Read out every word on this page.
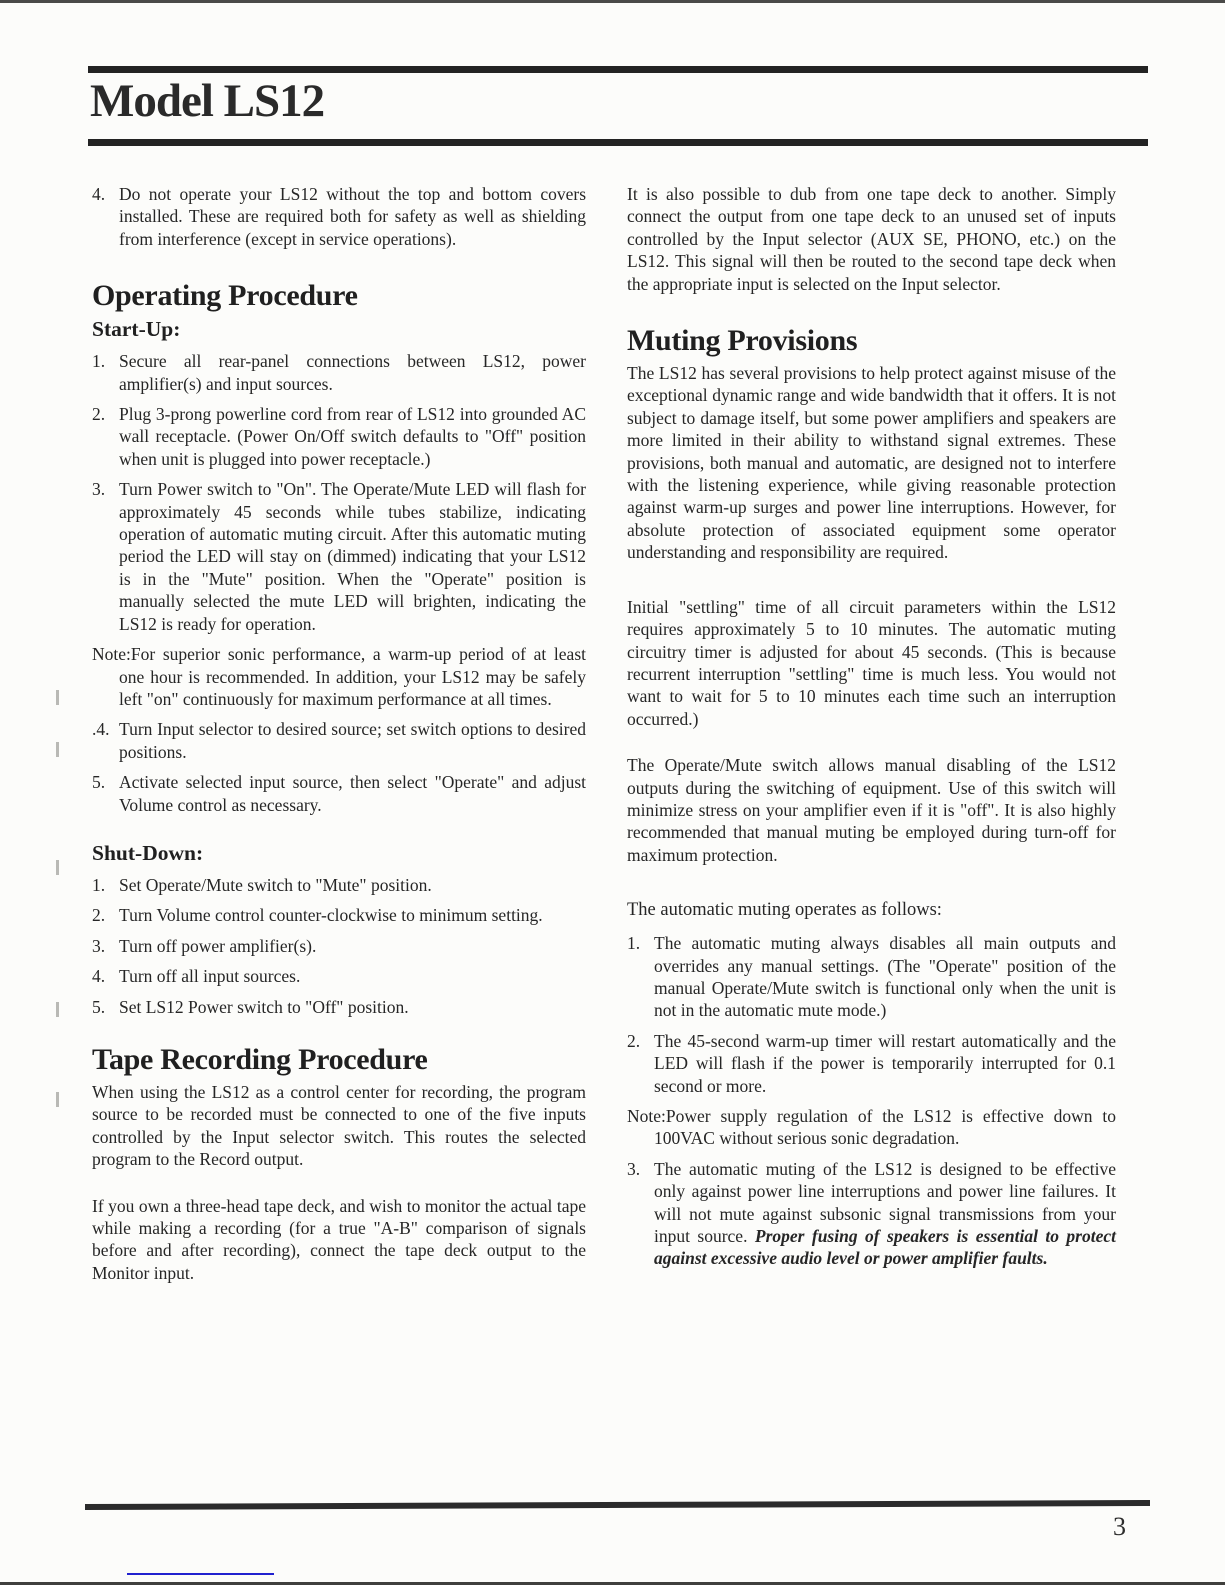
Model LS12
4. Do not operate your LS12 without the top and bottom covers installed. These are required both for safety as well as shielding from interference (except in service operations).
Operating Procedure
Start-Up:
1. Secure all rear-panel connections between LS12, power amplifier(s) and input sources.
2. Plug 3-prong powerline cord from rear of LS12 into grounded AC wall receptacle. (Power On/Off switch defaults to "Off" position when unit is plugged into power receptacle.)
3. Turn Power switch to "On". The Operate/Mute LED will flash for approximately 45 seconds while tubes stabilize, indicating operation of automatic muting circuit. After this automatic muting period the LED will stay on (dimmed) indicating that your LS12 is in the "Mute" position. When the "Operate" position is manually selected the mute LED will brighten, indicating the LS12 is ready for operation.
Note:For superior sonic performance, a warm-up period of at least one hour is recommended. In addition, your LS12 may be safely left "on" continuously for maximum performance at all times.
.4. Turn Input selector to desired source; set switch options to desired positions.
5. Activate selected input source, then select "Operate" and adjust Volume control as necessary.
Shut-Down:
1. Set Operate/Mute switch to "Mute" position.
2. Turn Volume control counter-clockwise to minimum setting.
3. Turn off power amplifier(s).
4. Turn off all input sources.
5. Set LS12 Power switch to "Off" position.
Tape Recording Procedure
When using the LS12 as a control center for recording, the program source to be recorded must be connected to one of the five inputs controlled by the Input selector switch. This routes the selected program to the Record output.
If you own a three-head tape deck, and wish to monitor the actual tape while making a recording (for a true "A-B" comparison of signals before and after recording), connect the tape deck output to the Monitor input.
It is also possible to dub from one tape deck to another. Simply connect the output from one tape deck to an unused set of inputs controlled by the Input selector (AUX SE, PHONO, etc.) on the LS12. This signal will then be routed to the second tape deck when the appropriate input is selected on the Input selector.
Muting Provisions
The LS12 has several provisions to help protect against misuse of the exceptional dynamic range and wide bandwidth that it offers. It is not subject to damage itself, but some power amplifiers and speakers are more limited in their ability to withstand signal extremes. These provisions, both manual and automatic, are designed not to interfere with the listening experience, while giving reasonable protection against warm-up surges and power line interruptions. However, for absolute protection of associated equipment some operator understanding and responsibility are required.
Initial "settling" time of all circuit parameters within the LS12 requires approximately 5 to 10 minutes. The automatic muting circuitry timer is adjusted for about 45 seconds. (This is because recurrent interruption "settling" time is much less. You would not want to wait for 5 to 10 minutes each time such an interruption occurred.)
The Operate/Mute switch allows manual disabling of the LS12 outputs during the switching of equipment. Use of this switch will minimize stress on your amplifier even if it is "off". It is also highly recommended that manual muting be employed during turn-off for maximum protection.
The automatic muting operates as follows:
1. The automatic muting always disables all main outputs and overrides any manual settings. (The "Operate" position of the manual Operate/Mute switch is functional only when the unit is not in the automatic mute mode.)
2. The 45-second warm-up timer will restart automatically and the LED will flash if the power is temporarily interrupted for 0.1 second or more.
Note:Power supply regulation of the LS12 is effective down to 100VAC without serious sonic degradation.
3. The automatic muting of the LS12 is designed to be effective only against power line interruptions and power line failures. It will not mute against subsonic signal transmissions from your input source. Proper fusing of speakers is essential to protect against excessive audio level or power amplifier faults.
3
